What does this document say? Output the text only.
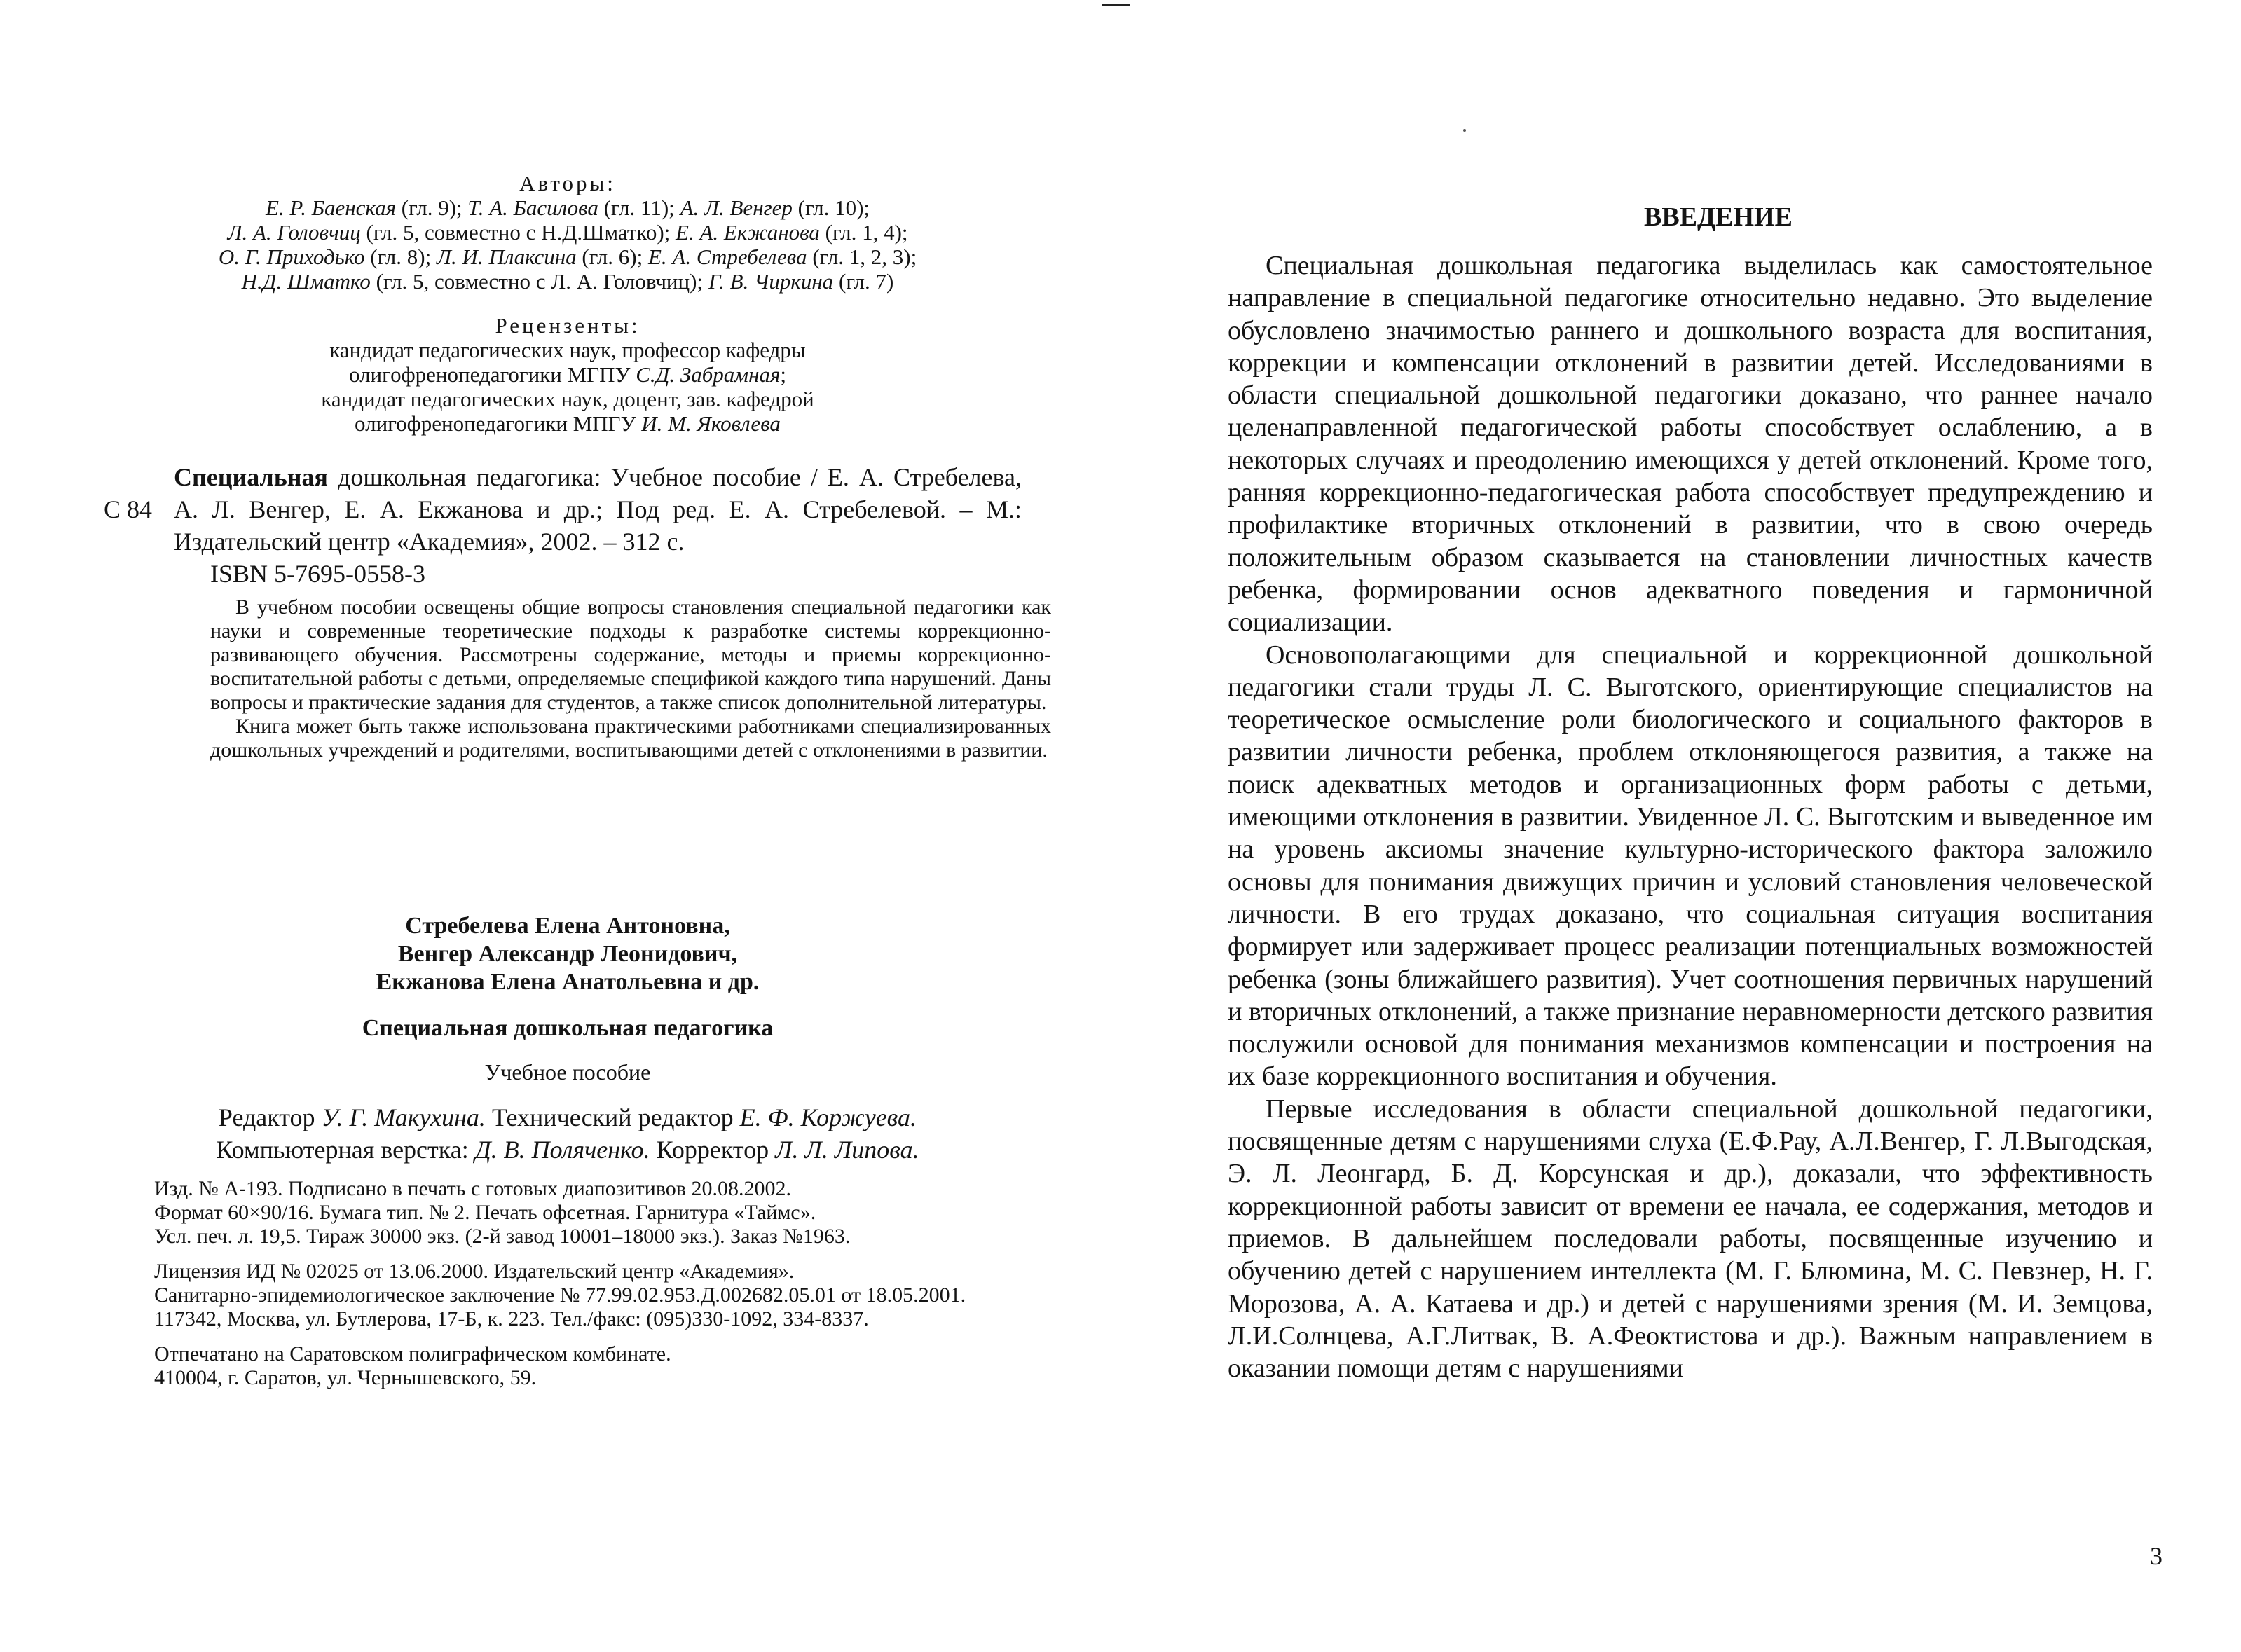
Авторы:
Е. Р. Баенская (гл. 9); Т. А. Басилова (гл. 11); А. Л. Венгер (гл. 10);
Л. А. Головчиц (гл. 5, совместно с Н.Д.Шматко); Е. А. Екжанова (гл. 1, 4);
О. Г. Приходько (гл. 8); Л. И. Плаксина (гл. 6); Е. А. Стребелева (гл. 1, 2, 3);
Н.Д. Шматко (гл. 5, совместно с Л. А. Головчиц); Г. В. Чиркина (гл. 7)
Рецензенты:
кандидат педагогических наук, профессор кафедры
олигофренопедагогики МГПУ С.Д. Забрамная;
кандидат педагогических наук, доцент, зав. кафедрой
олигофренопедагогики МПГУ И. М. Яковлева
С 84
Специальная дошкольная педагогика: Учебное пособие / Е. А. Стребелева, А. Л. Венгер, Е. А. Екжанова и др.; Под ред. Е. А. Стребелевой. – М.: Издательский центр «Академия», 2002. – 312 с.
ISBN 5-7695-0558-3

В учебном пособии освещены общие вопросы становления специальной педагогики как науки и современные теоретические подходы к разработке системы коррекционно-развивающего обучения. Рассмотрены содержание, методы и приемы коррекционно-воспитательной работы с детьми, определяемые спецификой каждого типа нарушений. Даны вопросы и практические задания для студентов, а также список дополнительной литературы.

Книга может быть также использована практическими работниками специализированных дошкольных учреждений и родителями, воспитывающими детей с отклонениями в развитии.

Стребелева Елена Антоновна,
Венгер Александр Леонидович,
Екжанова Елена Анатольевна и др.
Специальная дошкольная педагогика
Учебное пособие
Редактор У. Г. Макухина. Технический редактор Е. Ф. Коржуева.
Компьютерная верстка: Д. В. Поляченко. Корректор Л. Л. Липова.
Изд. № А-193. Подписано в печать с готовых диапозитивов 20.08.2002.
Формат 60×90/16. Бумага тип. № 2. Печать офсетная. Гарнитура «Таймс».
Усл. печ. л. 19,5. Тираж 30000 экз. (2-й завод 10001–18000 экз.). Заказ №1963.
Лицензия ИД № 02025 от 13.06.2000. Издательский центр «Академия».
Санитарно-эпидемиологическое заключение № 77.99.02.953.Д.002682.05.01 от 18.05.2001.
117342, Москва, ул. Бутлерова, 17-Б, к. 223. Тел./факс: (095)330-1092, 334-8337.
Отпечатано на Саратовском полиграфическом комбинате.
410004, г. Саратов, ул. Чернышевского, 59.
ВВЕДЕНИЕ

Специальная дошкольная педагогика выделилась как самостоятельное направление в специальной педагогике относительно недавно. Это выделение обусловлено значимостью раннего и дошкольного возраста для воспитания, коррекции и компенсации отклонений в развитии детей. Исследованиями в области специальной дошкольной педагогики доказано, что раннее начало целенаправленной педагогической работы способствует ослаблению, а в некоторых случаях и преодолению имеющихся у детей отклонений. Кроме того, ранняя коррекционно-педагогическая работа способствует предупреждению и профилактике вторичных отклонений в развитии, что в свою очередь положительным образом сказывается на становлении личностных качеств ребенка, формировании основ адекватного поведения и гармоничной социализации.

Основополагающими для специальной и коррекционной дошкольной педагогики стали труды Л. С. Выготского, ориентирующие специалистов на теоретическое осмысление роли биологического и социального факторов в развитии личности ребенка, проблем отклоняющегося развития, а также на поиск адекватных методов и организационных форм работы с детьми, имеющими отклонения в развитии. Увиденное Л. С. Выготским и выведенное им на уровень аксиомы значение культурно-исторического фактора заложило основы для понимания движущих причин и условий становления человеческой личности. В его трудах доказано, что социальная ситуация воспитания формирует или задерживает процесс реализации потенциальных возможностей ребенка (зоны ближайшего развития). Учет соотношения первичных нарушений и вторичных отклонений, а также признание неравномерности детского развития послужили основой для понимания механизмов компенсации и построения на их базе коррекционного воспитания и обучения.

Первые исследования в области специальной дошкольной педагогики, посвященные детям с нарушениями слуха (Е.Ф.Рау, А.Л.Венгер, Г. Л.Выгодская, Э. Л. Леонгард, Б. Д. Корсунская и др.), доказали, что эффективность коррекционной работы зависит от времени ее начала, ее содержания, методов и приемов. В дальнейшем последовали работы, посвященные изучению и обучению детей с нарушением интеллекта (М. Г. Блюмина, М. С. Певзнер, Н. Г. Морозова, А. А. Катаева и др.) и детей с нарушениями зрения (М. И. Земцова, Л.И.Солнцева, А.Г.Литвак, В. А.Феоктистова и др.). Важным направлением в оказании помощи детям с нарушениями

3
